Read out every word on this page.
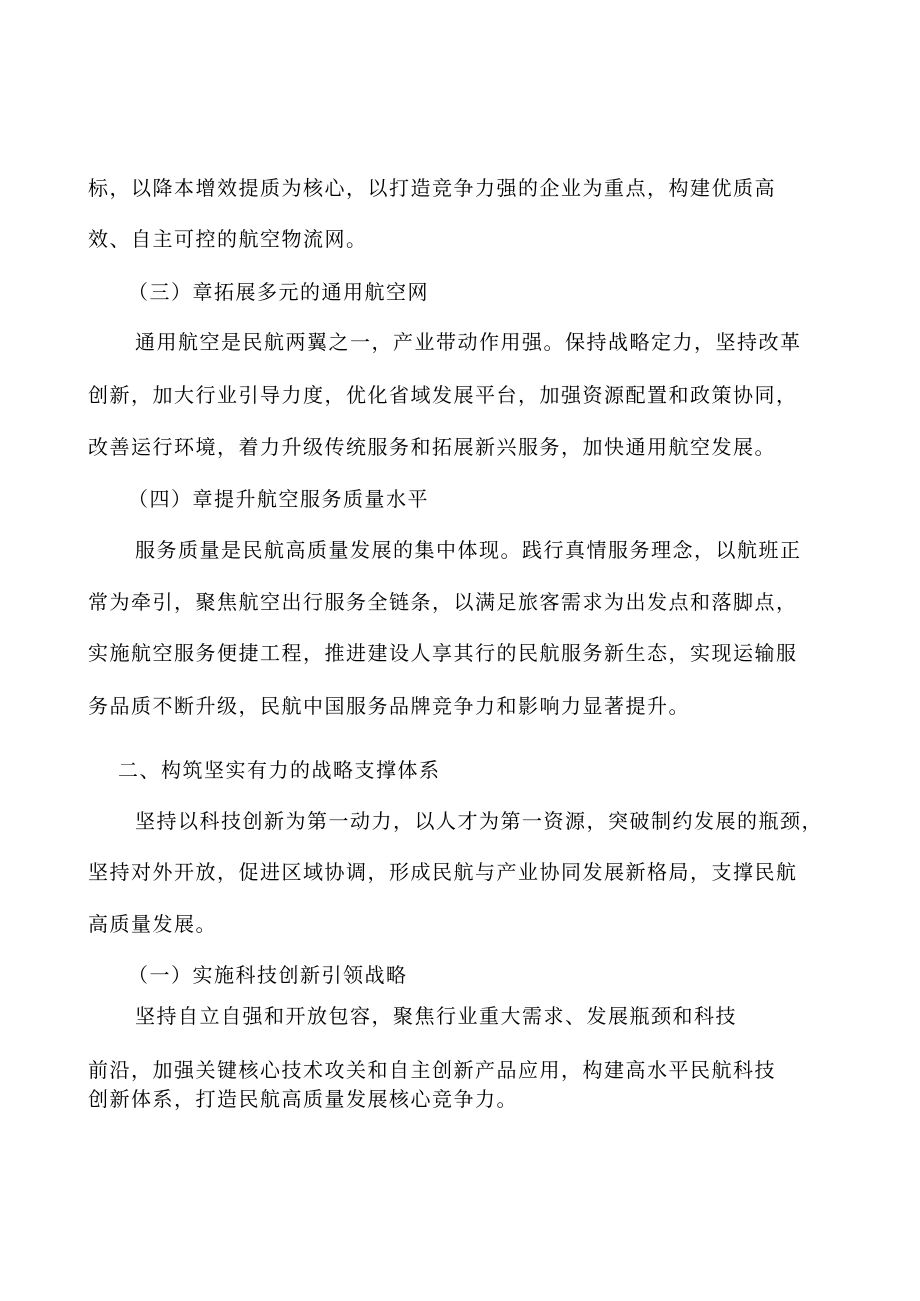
标，以降本增效提质为核心，以打造竞争力强的企业为重点，构建优质高
效、自主可控的航空物流网。
（三）章拓展多元的通用航空网
通用航空是民航两翼之一，产业带动作用强。保持战略定力，坚持改革
创新，加大行业引导力度，优化省域发展平台，加强资源配置和政策协同，
改善运行环境，着力升级传统服务和拓展新兴服务，加快通用航空发展。
（四）章提升航空服务质量水平
服务质量是民航高质量发展的集中体现。践行真情服务理念，以航班正
常为牵引，聚焦航空出行服务全链条，以满足旅客需求为出发点和落脚点，
实施航空服务便捷工程，推进建设人享其行的民航服务新生态，实现运输服
务品质不断升级，民航中国服务品牌竞争力和影响力显著提升。
二、构筑坚实有力的战略支撑体系
坚持以科技创新为第一动力，以人才为第一资源，突破制约发展的瓶颈，
坚持对外开放，促进区域协调，形成民航与产业协同发展新格局，支撑民航
高质量发展。
（一）实施科技创新引领战略
坚持自立自强和开放包容，聚焦行业重大需求、发展瓶颈和科技
前沿，加强关键核心技术攻关和自主创新产品应用，构建高水平民航科技
创新体系，打造民航高质量发展核心竞争力。
